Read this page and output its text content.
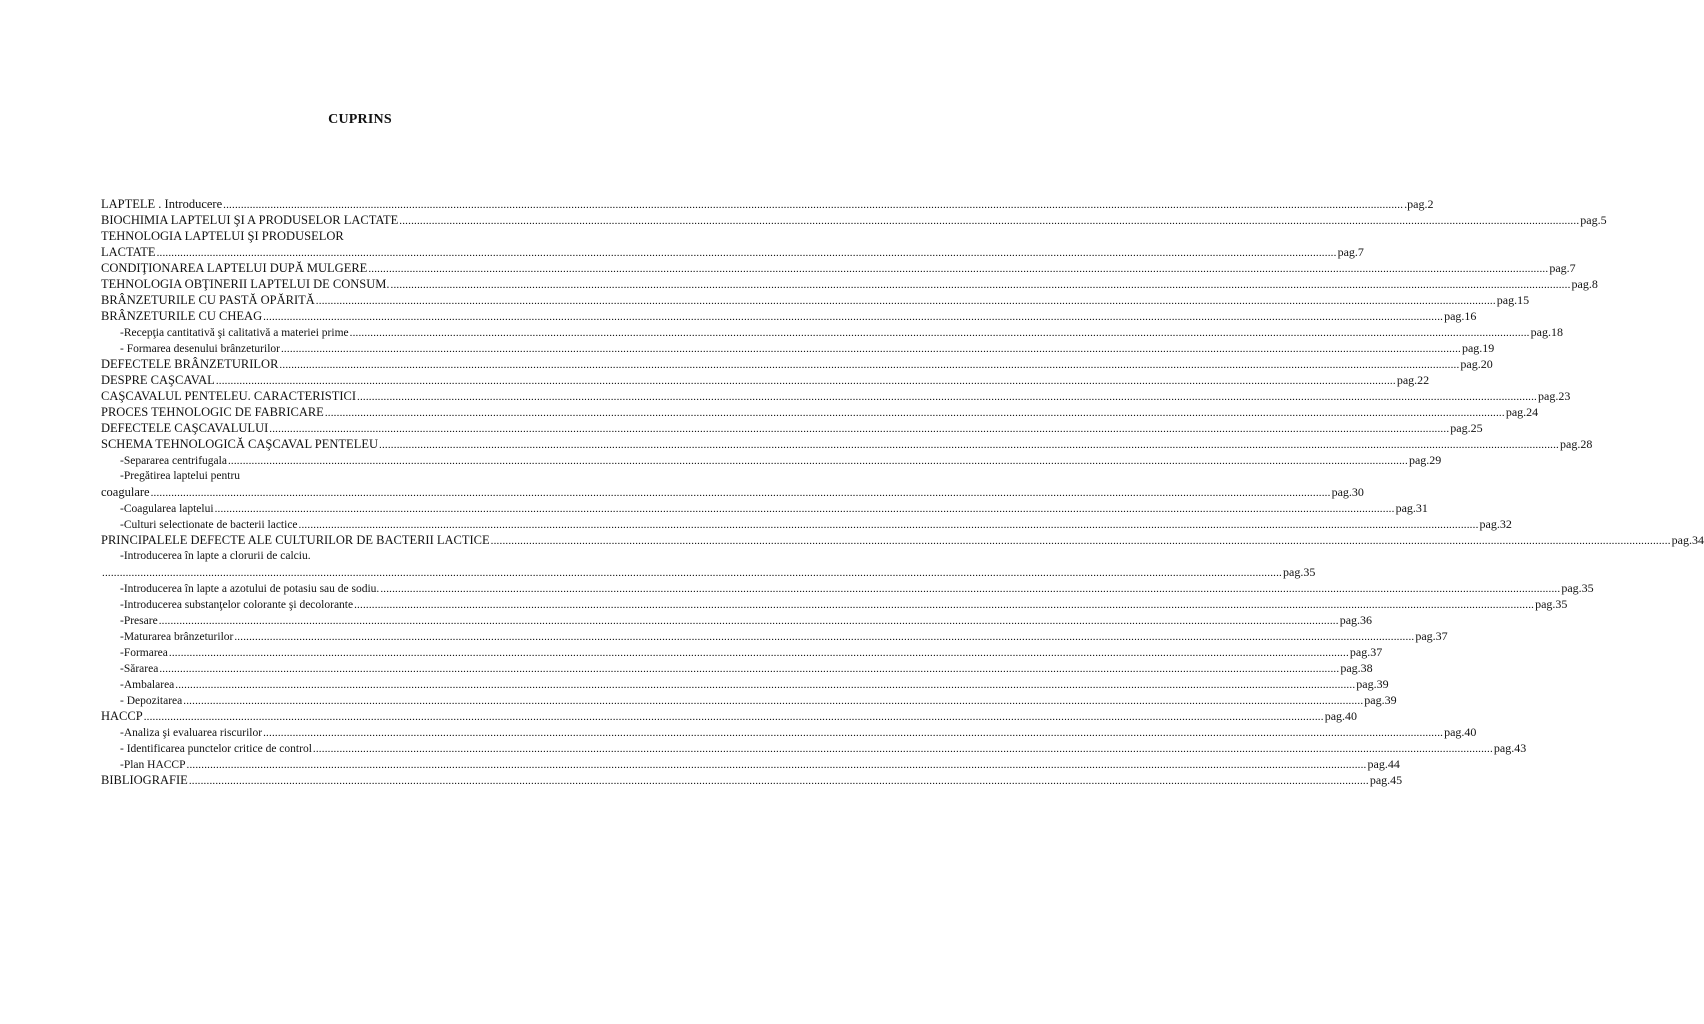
CUPRINS
LAPTELE . Introducere ................................................................................................................................................................................................................................................................................................................................................................................................................ .pag.2
BIOCHIMIA LAPTELUI ŞI A PRODUSELOR LACTATE ................................................................................................................................................................................................................................................................................................................................................................................................................ pag.5
TEHNOLOGIA LAPTELUI ŞI PRODUSELOR
LACTATE ................................................................................................................................................................................................................................................................................................................................................................................................................ pag.7
CONDIŢIONAREA LAPTELUI DUPĂ MULGERE ................................................................................................................................................................................................................................................................................................................................................................................................................ pag.7
TEHNOLOGIA OBŢINERII LAPTELUI DE CONSUM. ................................................................................................................................................................................................................................................................................................................................................................................................................ pag.8
BRÂNZETURILE CU PASTĂ OPĂRITĂ ................................................................................................................................................................................................................................................................................................................................................................................................................ pag.15
BRÂNZETURILE CU CHEAG ................................................................................................................................................................................................................................................................................................................................................................................................................ pag.16
-Recepţia cantitativă şi calitativă a materiei prime ................................................................................................................................................................................................................................................................................................................................................................................................................ pag.18
- Formarea desenului brânzeturilor ................................................................................................................................................................................................................................................................................................................................................................................................................ pag.19
DEFECTELE BRÂNZETURILOR ................................................................................................................................................................................................................................................................................................................................................................................................................ pag.20
DESPRE CAŞCAVAL ................................................................................................................................................................................................................................................................................................................................................................................................................ pag.22
CAŞCAVALUL PENTELEU. CARACTERISTICI ................................................................................................................................................................................................................................................................................................................................................................................................................ pag.23
PROCES TEHNOLOGIC DE FABRICARE ................................................................................................................................................................................................................................................................................................................................................................................................................ pag.24
DEFECTELE CAŞCAVALULUI ................................................................................................................................................................................................................................................................................................................................................................................................................ pag.25
SCHEMA TEHNOLOGICĂ CAŞCAVAL PENTELEU ................................................................................................................................................................................................................................................................................................................................................................................................................ pag.28
-Separarea centrifugala ................................................................................................................................................................................................................................................................................................................................................................................................................ pag.29
-Pregătirea laptelui pentru
coagulare ................................................................................................................................................................................................................................................................................................................................................................................................................ pag.30
-Coagularea laptelui ................................................................................................................................................................................................................................................................................................................................................................................................................ pag.31
-Culturi selectionate de bacterii lactice ................................................................................................................................................................................................................................................................................................................................................................................................................ pag.32
PRINCIPALELE DEFECTE ALE CULTURILOR DE BACTERII LACTICE ................................................................................................................................................................................................................................................................................................................................................................................................................ pag.34
-Introducerea în lapte a clorurii de calciu.
................................................................................................................................................................................................................................................................................................................................................................................................................ pag.35
-Introducerea în lapte a azotului de potasiu sau de sodiu. ................................................................................................................................................................................................................................................................................................................................................................................................................ pag.35
-Introducerea substanţelor colorante şi decolorante ................................................................................................................................................................................................................................................................................................................................................................................................................ pag.35
-Presare ................................................................................................................................................................................................................................................................................................................................................................................................................ pag.36
-Maturarea brânzeturilor ................................................................................................................................................................................................................................................................................................................................................................................................................ pag.37
-Formarea ................................................................................................................................................................................................................................................................................................................................................................................................................ pag.37
-Sărarea ................................................................................................................................................................................................................................................................................................................................................................................................................ pag.38
-Ambalarea ................................................................................................................................................................................................................................................................................................................................................................................................................ pag.39
- Depozitarea ................................................................................................................................................................................................................................................................................................................................................................................................................ pag.39
HACCP ................................................................................................................................................................................................................................................................................................................................................................................................................ pag.40
-Analiza şi evaluarea riscurilor ................................................................................................................................................................................................................................................................................................................................................................................................................ pag.40
- Identificarea punctelor critice de control ................................................................................................................................................................................................................................................................................................................................................................................................................ pag.43
-Plan HACCP ................................................................................................................................................................................................................................................................................................................................................................................................................ pag.44
BIBLIOGRAFIE ................................................................................................................................................................................................................................................................................................................................................................................................................ pag.45
